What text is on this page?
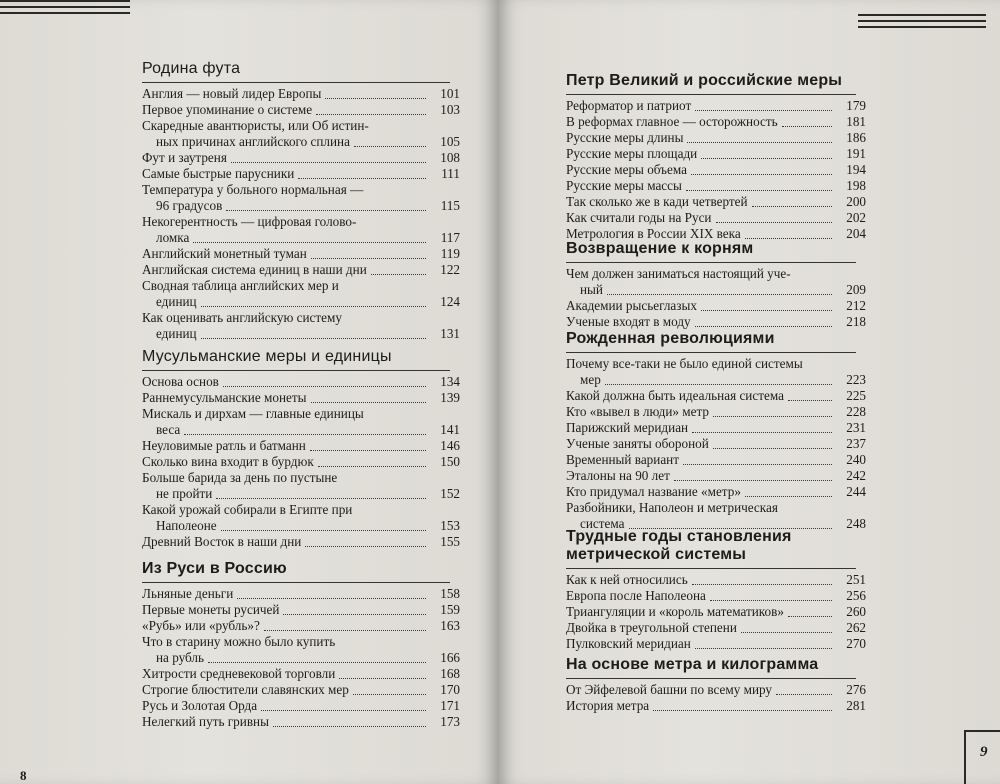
Родина фута
Англия — новый лидер Европы	101
Первое упоминание о системе	103
Скаредные авантюристы, или Об истин-
ных причинах английского сплина	105
Фут и заутреня	108
Самые быстрые парусники	111
Температура у больного нормальная —
96 градусов	115
Некогерентность — цифровая голово-
ломка	117
Английский монетный туман	119
Английская система единиц в наши дни	122
Сводная таблица английских мер и
единиц	124
Как оценивать английскую систему
единиц	131
Мусульманские меры и единицы
Основа основ	134
Раннемусульманские монеты	139
Мискаль и дирхам — главные единицы
веса	141
Неуловимые ратль и батманн	146
Сколько вина входит в бурдюк	150
Больше барида за день по пустыне
не пройти	152
Какой урожай собирали в Египте при
Наполеоне	153
Древний Восток в наши дни	155
Из Руси в Россию
Льняные деньги	158
Первые монеты русичей	159
«Рубь» или «рубль»?	163
Что в старину можно было купить
на рубль	166
Хитрости средневековой торговли	168
Строгие блюстители славянских мер	170
Русь и Золотая Орда	171
Нелегкий путь гривны	173
8
Петр Великий и российские меры
Реформатор и патриот	179
В реформах главное — осторожность	181
Русские меры длины	186
Русские меры площади	191
Русские меры объема	194
Русские меры массы	198
Так сколько же в кади четвертей	200
Как считали годы на Руси	202
Метрология в России XIX века	204
Возвращение к корням
Чем должен заниматься настоящий уче-
ный	209
Академии рысьеглазых	212
Ученые входят в моду	218
Рожденная революциями
Почему все-таки не было единой системы
мер	223
Какой должна быть идеальная система	225
Кто «вывел в люди» метр	228
Парижский меридиан	231
Ученые заняты обороной	237
Временный вариант	240
Эталоны на 90 лет	242
Кто придумал название «метр»	244
Разбойники, Наполеон и метрическая
система	248
Трудные годы становления
метрической системы
Как к ней относились	251
Европа после Наполеона	256
Триангуляции и «король математиков»	260
Двойка в треугольной степени	262
Пулковский меридиан	270
На основе метра и килограмма
От Эйфелевой башни по всему миру	276
История метра	281
9
